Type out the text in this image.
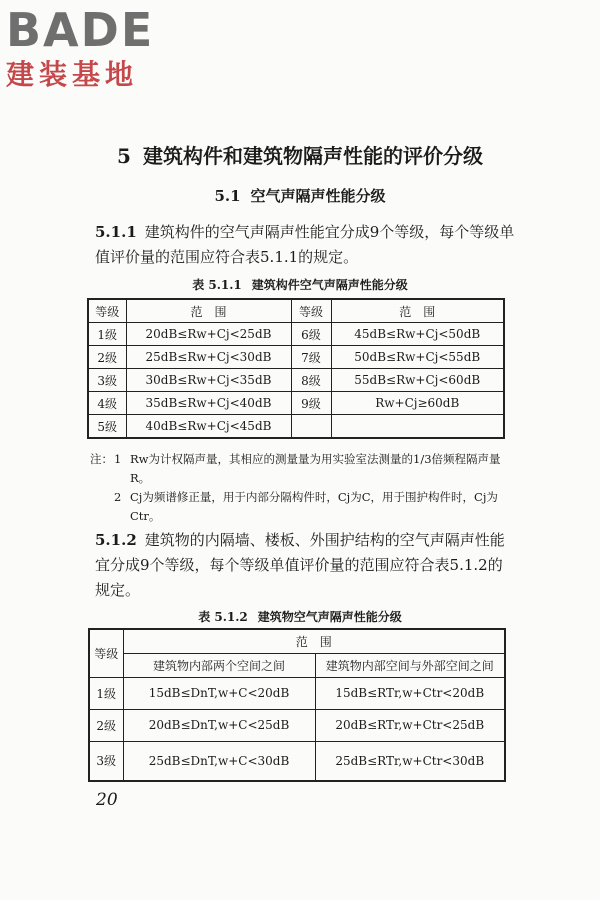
BADE
建装基地
5 建筑构件和建筑物隔声性能的评价分级
5.1 空气声隔声性能分级
5.1.1 建筑构件的空气声隔声性能宜分成9个等级，每个等级单值评价量的范围应符合表5.1.1的规定。
表 5.1.1 建筑构件空气声隔声性能分级
等级	范　围	等级	范　围
1级	20dB≤Rw+Cj<25dB	6级	45dB≤Rw+Cj<50dB
2级	25dB≤Rw+Cj<30dB	7级	50dB≤Rw+Cj<55dB
3级	30dB≤Rw+Cj<35dB	8级	55dB≤Rw+Cj<60dB
4级	35dB≤Rw+Cj<40dB	9级	Rw+Cj≥60dB
5级	40dB≤Rw+Cj<45dB		
注： 1 Rw为计权隔声量，其相应的测量量为用实验室法测量的1/3倍频程隔声量R。
2 Cj为频谱修正量，用于内部分隔构件时，Cj为C，用于围护构件时，Cj为Ctr。
5.1.2 建筑物的内隔墙、楼板、外围护结构的空气声隔声性能宜分成9个等级，每个等级单值评价量的范围应符合表5.1.2的规定。
表 5.1.2 建筑物空气声隔声性能分级
等级	范　围	
	建筑物内部两个空间之间	建筑物内部空间与外部空间之间
1级	15dB≤DnT,w+C<20dB	15dB≤RTr,w+Ctr<20dB
2级	20dB≤DnT,w+C<25dB	20dB≤RTr,w+Ctr<25dB
3级	25dB≤DnT,w+C<30dB	25dB≤RTr,w+Ctr<30dB
20
